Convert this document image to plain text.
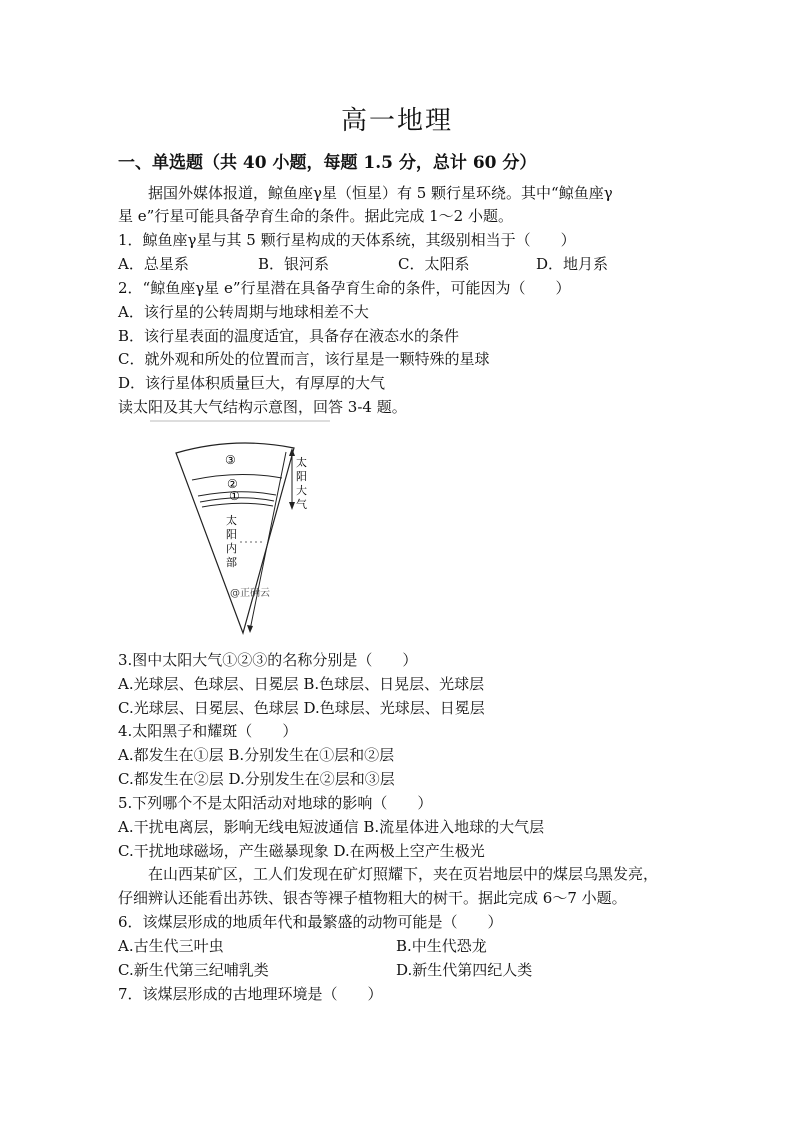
高一地理
一、单选题（共 40 小题，每题 1.5 分，总计 60 分）
据国外媒体报道，鲸鱼座γ星（恒星）有 5 颗行星环绕。其中“鲸鱼座γ
星 e”行星可能具备孕育生命的条件。据此完成 1～2 小题。
1．鲸鱼座γ星与其 5 颗行星构成的天体系统，其级别相当于（　　）
A．总星系	B．银河系	C．太阳系	D．地月系
2．“鲸鱼座γ星 e”行星潜在具备孕育生命的条件，可能因为（　　）
A．该行星的公转周期与地球相差不大
B．该行星表面的温度适宜，具备存在液态水的条件
C．就外观和所处的位置而言，该行星是一颗特殊的星球
D．该行星体积质量巨大，有厚厚的大气
读太阳及其大气结构示意图，回答 3-4 题。
③
②
①
太
阳
大
气
太
阳
内
部
@正确云
3.图中太阳大气①②③的名称分别是（　　）
A.光球层、色球层、日冕层 B.色球层、日晃层、光球层
C.光球层、日冕层、色球层 D.色球层、光球层、日冕层
4.太阳黑子和耀斑（　　）
A.都发生在①层 B.分别发生在①层和②层
C.都发生在②层 D.分别发生在②层和③层
5.下列哪个不是太阳活动对地球的影响（　　）
A.干扰电离层，影响无线电短波通信 B.流星体进入地球的大气层
C.干扰地球磁场，产生磁暴现象 D.在两极上空产生极光
在山西某矿区，工人们发现在矿灯照耀下，夹在页岩地层中的煤层乌黑发亮，
仔细辨认还能看出苏铁、银杏等裸子植物粗大的树干。据此完成 6～7 小题。
6．该煤层形成的地质年代和最繁盛的动物可能是（　　）
A.古生代三叶虫	B.中生代恐龙
C.新生代第三纪哺乳类	D.新生代第四纪人类
7．该煤层形成的古地理环境是（　　）
